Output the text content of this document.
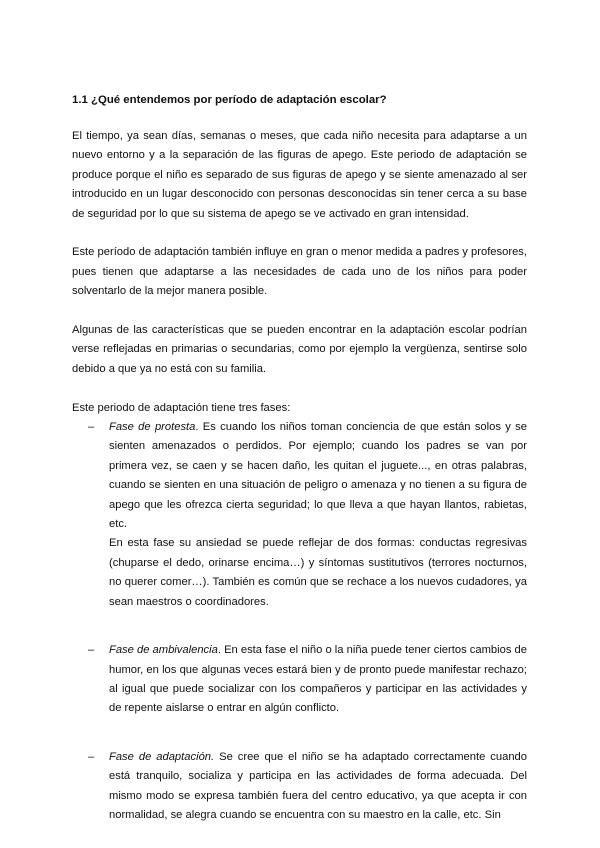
1.1 ¿Qué entendemos por período de adaptación escolar?

El tiempo, ya sean días, semanas o meses, que cada niño necesita para adaptarse a un nuevo entorno y a la separación de las figuras de apego. Este periodo de adaptación se produce porque el niño es separado de sus figuras de apego y se siente amenazado al ser introducido en un lugar desconocido con personas desconocidas sin tener cerca a su base de seguridad por lo que su sistema de apego se ve activado en gran intensidad.

Este período de adaptación también influye en gran o menor medida a padres y profesores, pues tienen que adaptarse a las necesidades de cada uno de los niños para poder solventarlo de la mejor manera posible.

Algunas de las características que se pueden encontrar en la adaptación escolar podrían verse reflejadas en primarias o secundarias, como por ejemplo la vergüenza, sentirse solo debido a que ya no está con su familia.

Este periodo de adaptación tiene tres fases:

– Fase de protesta. Es cuando los niños toman conciencia de que están solos y se sienten amenazados o perdidos. Por ejemplo; cuando los padres se van por primera vez, se caen y se hacen daño, les quitan el juguete..., en otras palabras, cuando se sienten en una situación de peligro o amenaza y no tienen a su figura de apego que les ofrezca cierta seguridad; lo que lleva a que hayan llantos, rabietas, etc.

En esta fase su ansiedad se puede reflejar de dos formas: conductas regresivas (chuparse el dedo, orinarse encima…) y síntomas sustitutivos (terrores nocturnos, no querer comer…). También es común que se rechace a los nuevos cudadores, ya sean maestros o coordinadores.

– Fase de ambivalencia. En esta fase el niño o la niña puede tener ciertos cambios de humor, en los que algunas veces estará bien y de pronto puede manifestar rechazo; al igual que puede socializar con los compañeros y participar en las actividades y de repente aislarse o entrar en algún conflicto.

– Fase de adaptación. Se cree que el niño se ha adaptado correctamente cuando está tranquilo, socializa y participa en las actividades de forma adecuada. Del mismo modo se expresa también fuera del centro educativo, ya que acepta ir con normalidad, se alegra cuando se encuentra con su maestro en la calle, etc. Sin
